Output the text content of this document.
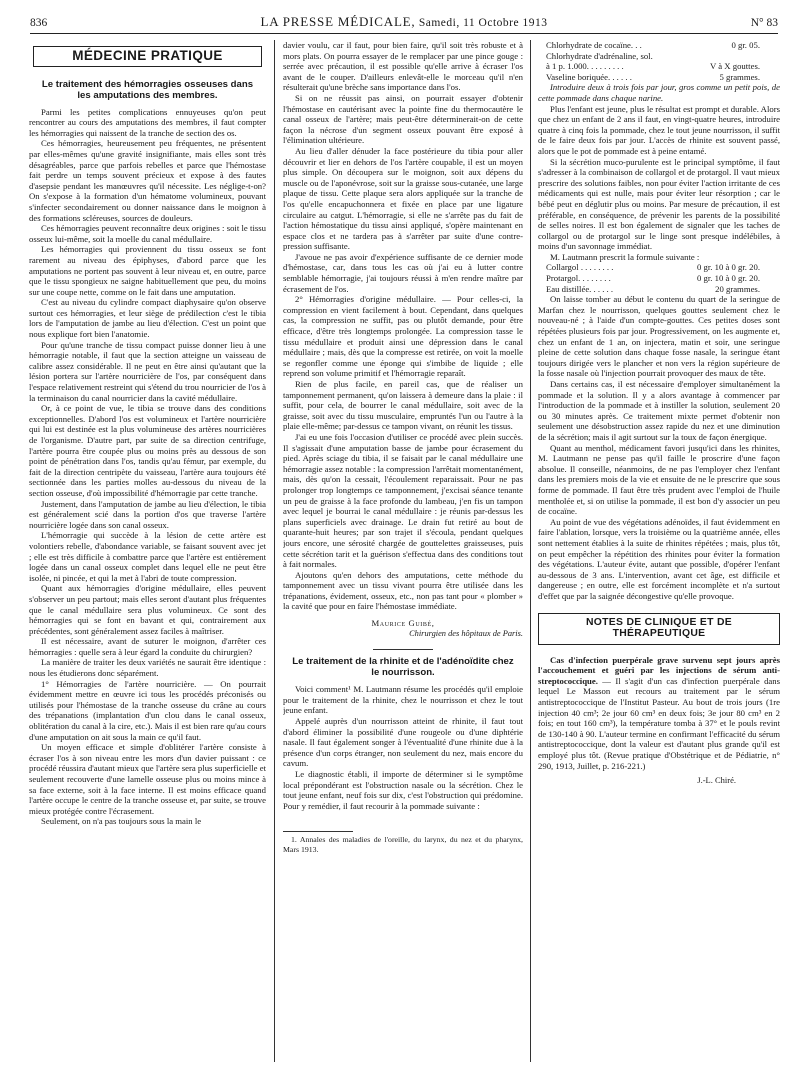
836	LA PRESSE MÉDICALE, Samedi, 11 Octobre 1913	N° 83
MÉDECINE PRATIQUE
Le traitement des hémorragies osseuses dans les amputations des membres.

Parmi les petites complications ennuyeuses qu'on peut rencontrer au cours des amputations des membres, il faut compter les hémorragies qui naissent de la tranche de section des os.

Ces hémorragies, heureusement peu fréquentes, ne présentent par elles-mêmes qu'une gravité insignifiante, mais elles sont très désagréables, parce que parfois rebelles et parce que l'hémostase fait perdre un temps souvent précieux et expose à des fautes d'asepsie pendant les manœuvres qu'il nécessite. Les néglige-t-on? On s'expose à la formation d'un hématome volumineux, pouvant s'infecter secondairement ou donner naissance dans le moignon à des formations scléreuses, sources de douleurs.

Ces hémorragies peuvent reconnaître deux origines : soit le tissu osseux lui-même, soit la moelle du canal médullaire.

Les hémorragies qui proviennent du tissu osseux se font rarement au niveau des épiphyses, d'abord parce que les amputations ne portent pas souvent à leur niveau et, en outre, parce que le tissu spongieux ne saigne habituellement que peu, du moins sur une coupe nette, comme on le fait dans une amputation.

C'est au niveau du cylindre compact diaphysaire qu'on observe surtout ces hémorragies, et leur siège de prédilection c'est le tibia lors de l'amputation de jambe au lieu d'élection. C'est un point que nous explique fort bien l'anatomie.

Pour qu'une tranche de tissu compact puisse donner lieu à une hémorragie notable, il faut que la section atteigne un vaisseau de calibre assez considérable. Il ne peut en être ainsi qu'autant que la lésion portera sur l'artère nourricière de l'os, par conséquent dans l'espace relativement restreint qui s'étend du trou nourricier de l'os à la terminaison du canal nourricier dans la cavité médullaire.

Or, à ce point de vue, le tibia se trouve dans des conditions exceptionnelles. D'abord l'os est volumineux et l'artère nourricière qui lui est destinée est la plus volumineuse des artères nourricières de l'organisme. D'autre part, par suite de sa direction centrifuge, l'artère pourra être coupée plus ou moins près au dessous de son point de pénétration dans l'os, tandis qu'au fémur, par exemple, du fait de la direction centripète du vaisseau, l'artère aura toujours été sectionnée dans les parties molles au-dessous du niveau de la section osseuse, d'où impossibilité d'hémorragie par cette tranche.

Justement, dans l'amputation de jambe au lieu d'élection, le tibia est généralement scié dans la portion d'os que traverse l'artère nourricière logée dans son canal osseux.

L'hémorragie qui succède à la lésion de cette artère est volontiers rebelle, d'abondance variable, se faisant souvent avec jet ; elle est très difficile à combattre parce que l'artère est entièrement logée dans un canal osseux complet dans lequel elle ne peut être isolée, ni pincée, et qui la met à l'abri de toute compression.

Quant aux hémorragies d'origine médullaire, elles peuvent s'observer un peu partout; mais elles seront d'autant plus fréquentes que le canal médullaire sera plus volumineux. Ce sont des hémorragies qui se font en bavant et qui, contrairement aux précédentes, sont généralement assez faciles à maîtriser.

Il est nécessaire, avant de suturer le moignon, d'arrêter ces hémorragies : quelle sera à leur égard la conduite du chirurgien?

La manière de traiter les deux variétés ne saurait être identique : nous les étudierons donc séparément.

1° Hémorragies de l'artère nourricière. — On pourrait évidemment mettre en œuvre ici tous les procédés préconisés ou utilisés pour l'hémostase de la tranche osseuse du crâne au cours des trépanations (implantation d'un clou dans le canal osseux, oblitération du canal à la cire, etc.). Mais il est bien rare qu'au cours d'une amputation on ait sous la main ce qu'il faut.

Un moyen efficace et simple d'oblitérer l'artère consiste à écraser l'os à son niveau entre les mors d'un davier puissant : ce procédé réussira d'autant mieux que l'artère sera plus superficielle et seulement recouverte d'une lamelle osseuse plus ou moins mince à sa face externe, soit à la face interne. Il est moins efficace quand l'artère occupe le centre de la tranche osseuse et, par suite, se trouve mieux protégée contre l'écrasement.

Seulement, on n'a pas toujours sous la main le

davier voulu, car il faut, pour bien faire, qu'il soit très robuste et à mors plats. On pourra essayer de le remplacer par une pince gouge : serrée avec précaution, il est possible qu'elle arrive à écraser l'os avant de le couper. D'ailleurs enlevât-elle le morceau qu'il n'en résulterait qu'une brèche sans importance dans l'os.

Si on ne réussit pas ainsi, on pourrait essayer d'obtenir l'hémostase en cautérisant avec la pointe fine du thermocautère le canal osseux de l'artère; mais peut-être déterminerait-on de cette façon la nécrose d'un segment osseux pouvant être exposé à l'élimination ultérieure.

Au lieu d'aller dénuder la face postérieure du tibia pour aller découvrir et lier en dehors de l'os l'artère coupable, il est un moyen plus simple. On découpera sur le moignon, soit aux dépens du muscle ou de l'aponévrose, soit sur la graisse sous-cutanée, une large plaque de tissu. Cette plaque sera alors appliquée sur la tranche de l'os qu'elle encapuchonnera et fixée en place par une ligature circulaire au catgut. L'hémorragie, si elle ne s'arrête pas du fait de l'action hémostatique du tissu ainsi appliqué, s'opère maintenant en espace clos et ne tardera pas à s'arrêter par suite d'une contre-pression suffisante.

J'avoue ne pas avoir d'expérience suffisante de ce dernier mode d'hémostase, car, dans tous les cas où j'ai eu à lutter contre semblable hémorragie, j'ai toujours réussi à m'en rendre maître par écrasement de l'os.

2° Hémorragies d'origine médullaire. — Pour celles-ci, la compression en vient facilement à bout. Cependant, dans quelques cas, la compression ne suffit, pas ou plutôt demande, pour être efficace, d'être très longtemps prolongée. La compression tasse le tissu médullaire et produit ainsi une dépression dans le canal médullaire ; mais, dès que la compresse est retirée, on voit la moelle se regonfler comme une éponge qui s'imbibe de liquide ; elle reprend son volume primitif et l'hémorragie reparaît.

Rien de plus facile, en pareil cas, que de réaliser un tamponnement permanent, qu'on laissera à demeure dans la plaie : il suffit, pour cela, de bourrer le canal médullaire, soit avec de la graisse, soit avec du tissu musculaire, empruntés l'un ou l'autre à la plaie elle-même; par-dessus ce tampon vivant, on réunit les tissus.

J'ai eu une fois l'occasion d'utiliser ce procédé avec plein succès. Il s'agissait d'une amputation basse de jambe pour écrasement du pied. Après sciage du tibia, il se faisait par le canal médullaire une hémorragie assez notable : la compression l'arrêtait momentanément, mais, dès qu'on la cessait, l'écoulement reparaissait. Pour ne pas prolonger trop longtemps ce tamponnement, j'excisai séance tenante un peu de graisse à la face profonde du lambeau, j'en fis un tampon avec lequel je bourrai le canal médullaire : je réunis par-dessus les plans superficiels avec drainage. Le drain fut retiré au bout de quarante-huit heures; par son trajet il s'écoula, pendant quelques jours encore, une sérosité chargée de gouttelettes graisseuses, puis cette sécrétion tarit et la guérison s'effectua dans des conditions tout à fait normales.

Ajoutons qu'en dehors des amputations, cette méthode du tamponnement avec un tissu vivant pourra être utilisée dans les trépanations, évidement, osseux, etc., non pas tant pour « plomber » la cavité que pour en faire l'hémostase immédiate.

Maurice Guibé,
Chirurgien des hôpitaux de Paris.
Le traitement de la rhinite et de l'adénoïdite chez le nourrisson.

Voici comment¹ M. Lautmann résume les procédés qu'il emploie pour le traitement de la rhinite, chez le nourrisson et chez le tout jeune enfant.

Appelé auprès d'un nourrisson atteint de rhinite, il faut tout d'abord éliminer la possibilité d'une rougeole ou d'une diphtérie nasale. Il faut également songer à l'éventualité d'une rhinite due à la présence d'un corps étranger, non seulement du nez, mais encore du cavum.

Le diagnostic établi, il importe de déterminer si le symptôme local prépondérant est l'obstruction nasale ou la sécrétion. Chez le tout jeune enfant, neuf fois sur dix, c'est l'obstruction qui prédomine. Pour y remédier, il faut recourir à la pommade suivante :

1. Annales des maladies de l'oreille, du larynx, du nez et du pharynx, Mars 1913.

Chlorhydrate de cocaïne. . .	0 gr. 05.

Chlorhydrate d'adrénaline, sol.

à 1 p. 1.000. . . . . . . . .	V à X gouttes.

Vaseline boriquée. . . . . .	5 grammes.

Introduire deux à trois fois par jour, gros comme un petit pois, de cette pommade dans chaque narine.

Plus l'enfant est jeune, plus le résultat est prompt et durable. Alors que chez un enfant de 2 ans il faut, en vingt-quatre heures, introduire quatre à cinq fois la pommade, chez le tout jeune nourrisson, il suffit de le faire deux fois par jour. L'accès de rhinite est souvent passé, alors que le pot de pommade est à peine entamé.

Si la sécrétion muco-purulente est le principal symptôme, il faut s'adresser à la combinaison de collargol et de protargol. Il vaut mieux prescrire des solutions faibles, non pour éviter l'action irritante de ces médicaments qui est nulle, mais pour éviter leur résorption ; car le bébé peut en déglutir plus ou moins. Par mesure de précaution, il est préférable, en conséquence, de prévenir les parents de la possibilité de selles noires. Il est bon également de signaler que les taches de collargol ou de protargol sur le linge sont presque indélébiles, à moins d'un savonnage immédiat.

M. Lautmann prescrit la formule suivante :

Collargol . . . . . . . .	0 gr. 10 à 0 gr. 20.

Protargol. . . . . . . .	0 gr. 10 à 0 gr. 20.

Eau distillée. . . . . .	20 grammes.

On laisse tomber au début le contenu du quart de la seringue de Marfan chez le nourrisson, quelques gouttes seulement chez le nouveau-né ; à l'aide d'un compte-gouttes. Ces petites doses sont répétées plusieurs fois par jour. Progressivement, on les augmente et, chez un enfant de 1 an, on injectera, matin et soir, une seringue pleine de cette solution dans chaque fosse nasale, la seringue étant toujours dirigée vers le plancher et non vers la région supérieure de la fosse nasale où l'injection pourrait provoquer des maux de tête.

Dans certains cas, il est nécessaire d'employer simultanément la pommade et la solution. Il y a alors avantage à commencer par l'introduction de la pommade et à instiller la solution, seulement 20 ou 30 minutes après. Ce traitement mixte permet d'obtenir non seulement une désobstruction assez rapide du nez et une diminution de la sécrétion; mais il agit surtout sur la toux de façon énergique.

Quant au menthol, médicament favori jusqu'ici dans les rhinites, M. Lautmann ne pense pas qu'il faille le proscrire d'une façon absolue. Il conseille, néanmoins, de ne pas l'employer chez l'enfant dans les premiers mois de la vie et ensuite de ne le prescrire que sous forme de pommade. Il faut être très prudent avec l'emploi de l'huile mentholée et, si on utilise la pommade, il est bon d'y associer un peu de cocaïne.

Au point de vue des végétations adénoïdes, il faut évidemment en faire l'ablation, lorsque, vers la troisième ou la quatrième année, elles sont nettement établies à la suite de rhinites répétées ; mais, plus tôt, on peut empêcher la répétition des rhinites pour éviter la formation des végétations. L'auteur évite, autant que possible, d'opérer l'enfant au-dessous de 3 ans. L'intervention, avant cet âge, est difficile et dangereuse ; en outre, elle est forcément incomplète et n'a surtout d'effet que par la saignée décongestive qu'elle provoque.

NOTES DE CLINIQUE ET DE THÉRAPEUTIQUE

Cas d'infection puerpérale grave survenu sept jours après l'accouchement et guéri par les injections de sérum anti-streptococcique. — Il s'agit d'un cas d'infection puerpérale dans lequel Le Masson eut recours au traitement par le sérum antistreptococcique de l'Institut Pasteur. Au bout de trois jours (1re injection 40 cm³; 2e jour 60 cm³ en deux fois; 3e jour 80 cm³ en 2 fois; en tout 160 cm³), la température tomba à 37° et le pouls revint de 130-140 à 90. L'auteur termine en confirmant l'efficacité du sérum antistreptococcique, dont la valeur est d'autant plus grande qu'il est employé plus tôt. (Revue pratique d'Obstétrique et de Pédiatrie, n° 290, 1913, Juillet, p. 216-221.)

J.-L. Chiré.
